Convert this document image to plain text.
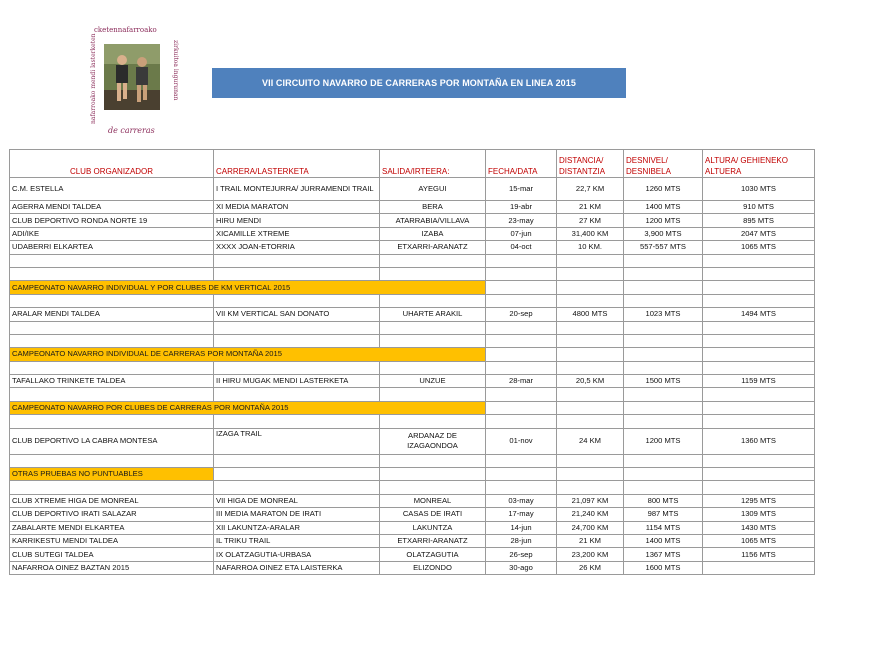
cketennafarroako
nafarroako mendi lasterketen	zirkuitoa ingurunan
de carreras
VII CIRCUITO NAVARRO DE CARRERAS POR MONTAÑA EN LINEA 2015
CLUB ORGANIZADOR	CARRERA/LASTERKETA	SALIDA/IRTEERA:	FECHA/DATA	DISTANCIA/ DISTANTZIA	DESNIVEL/ DESNIBELA	ALTURA/ GEHIENEKO ALTUERA
C.M. ESTELLA	I TRAIL MONTEJURRA/ JURRAMENDI TRAIL	AYEGUI	15-mar	22,7 KM	1260 MTS	1030 MTS
AGERRA MENDI TALDEA	XI MEDIA MARATON	BERA	19-abr	21 KM	1400 MTS	910 MTS
CLUB DEPORTIVO RONDA NORTE 19	HIRU MENDI	ATARRABIA/VILLAVA	23-may	27 KM	1200 MTS	895 MTS
ADI/IKE	XICAMILLE XTREME	IZABA	07-jun	31,400 KM	3,900 MTS	2047 MTS
UDABERRI ELKARTEA	XXXX JOAN-ETORRIA	ETXARRI-ARANATZ	04-oct	10 KM.	557-557 MTS	1065 MTS

CAMPEONATO NAVARRO INDIVIDUAL Y POR CLUBES DE KM VERTICAL 2015						

ARALAR MENDI TALDEA	VII KM VERTICAL SAN DONATO	UHARTE ARAKIL	20-sep	4800 MTS	1023 MTS	1494 MTS

CAMPEONATO NAVARRO INDIVIDUAL DE CARRERAS POR MONTAÑA 2015						

TAFALLAKO TRINKETE TALDEA	II HIRU MUGAK MENDI LASTERKETA	UNZUE	28-mar	20,5 KM	1500 MTS	1159 MTS

CAMPEONATO NAVARRO POR CLUBES DE CARRERAS POR MONTAÑA 2015						

CLUB DEPORTIVO LA CABRA MONTESA	IZAGA TRAIL	ARDANAZ DE IZAGAONDOA	01-nov	24 KM	1200 MTS	1360 MTS

OTRAS PRUEBAS NO PUNTUABLES						

CLUB XTREME HIGA DE MONREAL	VII HIGA DE MONREAL	MONREAL	03-may	21,097 KM	800 MTS	1295 MTS
CLUB DEPORTIVO IRATI SALAZAR	III MEDIA MARATON DE IRATI	CASAS DE IRATI	17-may	21,240 KM	987 MTS	1309 MTS
ZABALARTE MENDI ELKARTEA	XII LAKUNTZA-ARALAR	LAKUNTZA	14-jun	24,700 KM	1154 MTS	1430 MTS
KARRIKESTU MENDI TALDEA	IL TRIKU TRAIL	ETXARRI-ARANATZ	28-jun	21 KM	1400 MTS	1065 MTS
CLUB SUTEGI TALDEA	IX OLATZAGUTIA-URBASA	OLATZAGUTIA	26-sep	23,200 KM	1367 MTS	1156 MTS
NAFARROA OINEZ BAZTAN 2015	NAFARROA OINEZ ETA LAISTERKA	ELIZONDO	30-ago	26 KM	1600 MTS	
